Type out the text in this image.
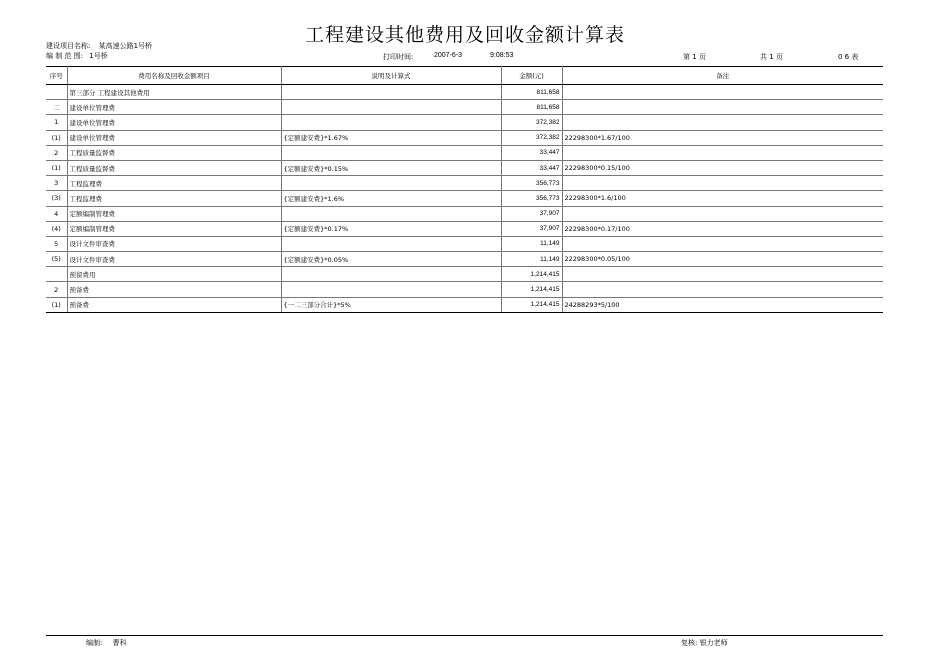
工程建设其他费用及回收金额计算表
建设项目名称: 某高速公路1号桥
编 制 范 围: 1号桥	打印时间:	2007-6-3	9:08:53	第 1 页	共 1 页	0 6 表
序号	费用名称及回收金额项目	说明及计算式	金额(元)	备注
	第三部分 工程建设其他费用		811,658	
二	建设单位管理费		811,658	
1	建设单位管理费		372,382	
(1)	建设单位管理费	{定额建安费}*1.67%	372,382	22298300*1.67/100
2	工程质量监督费		33,447	
(1)	工程质量监督费	{定额建安费}*0.15%	33,447	22298300*0.15/100
3	工程监理费		356,773	
(3)	工程监理费	{定额建安费}*1.6%	356,773	22298300*1.6/100
4	定额编制管理费		37,907	
(4)	定额编制管理费	{定额建安费}*0.17%	37,907	22298300*0.17/100
5	设计文件审查费		11,149	
(5)	设计文件审查费	{定额建安费}*0.05%	11,149	22298300*0.05/100
	预留费用		1,214,415	
2	预备费		1,214,415	
(1)	预备费	{一二三部分合计}*5%	1,214,415	24288293*5/100
编制: 曹科	复核: 银力老师
